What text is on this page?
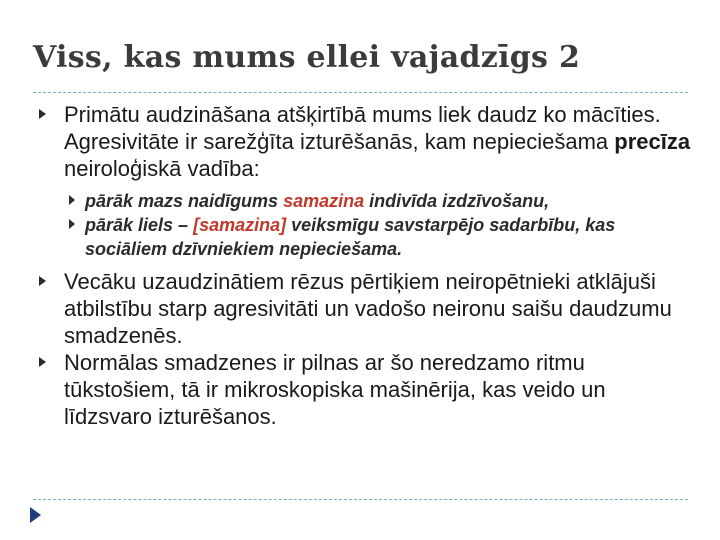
Viss, kas mums ellei vajadzīgs 2
Primātu audzināšana atšķirtībā mums liek daudz ko mācīties. Agresivitāte ir sarežģīta izturēšanās, kam nepieciešama precīza neiroloģiskā vadība:
pārāk mazs naidīgums samazina indivīda izdzīvošanu,
pārāk liels – [samazina] veiksmīgu savstarpējo sadarbību, kas sociāliem dzīvniekiem nepieciešama.
Vecāku uzaudzinātiem rēzus pērtiķiem neiropētnieki atklājuši atbilstību starp agresivitāti un vadošo neironu saišu daudzumu smadzenēs.
Normālas smadzenes ir pilnas ar šo neredzamo ritmu tūkstošiem, tā ir mikroskopiska mašinērija, kas veido un līdzsvaro izturēšanos.
